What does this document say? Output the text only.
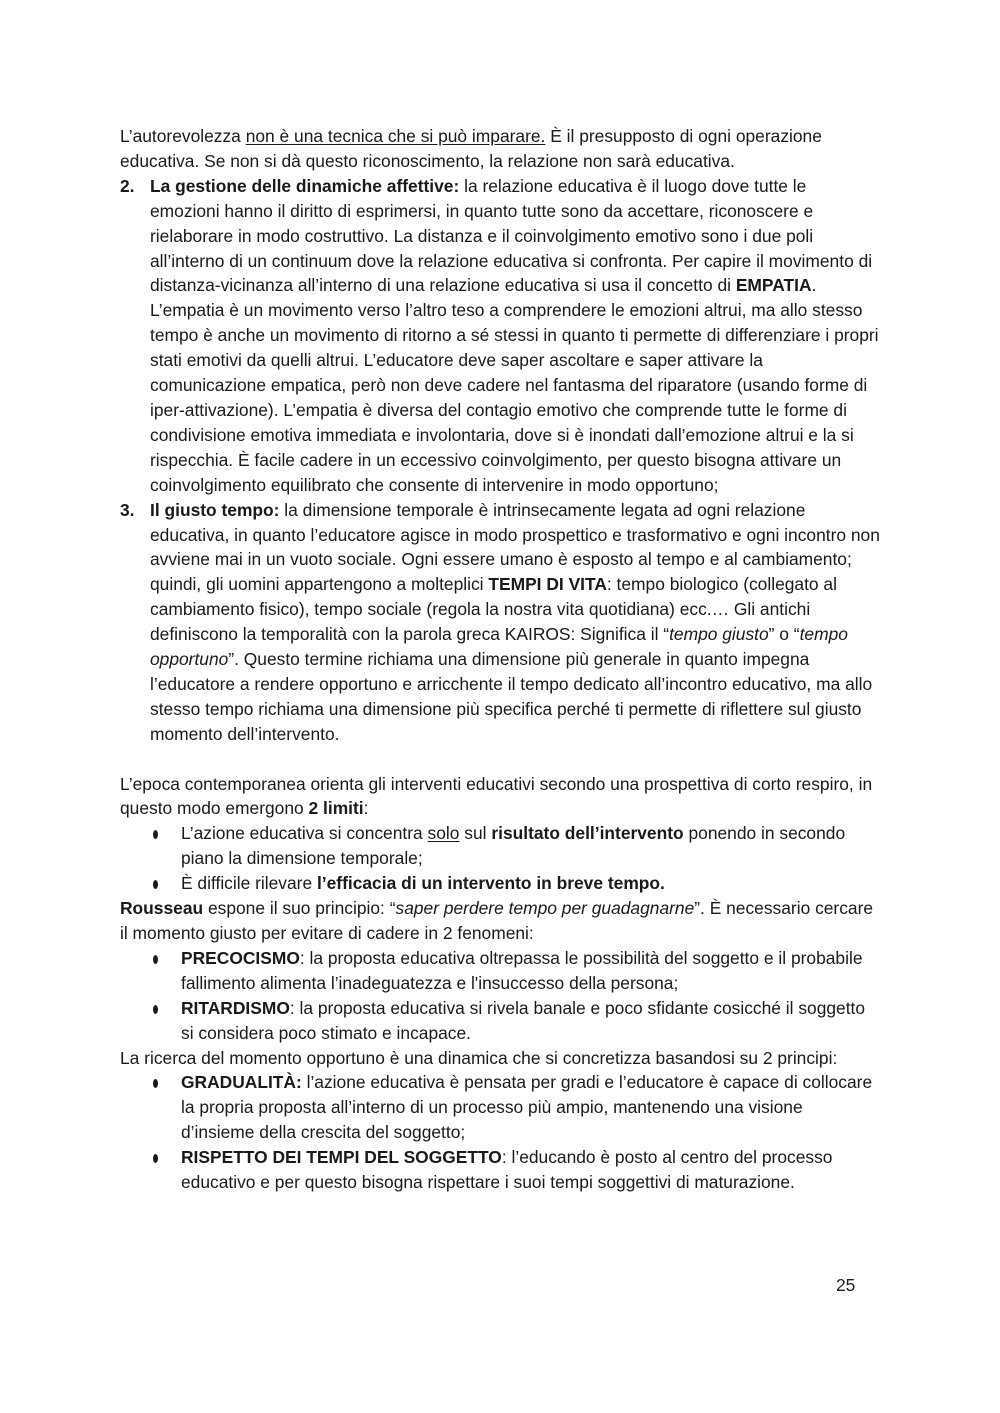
L’autorevolezza non è una tecnica che si può imparare. È il presupposto di ogni operazione educativa. Se non si dà questo riconoscimento, la relazione non sarà educativa.

2. La gestione delle dinamiche affettive: la relazione educativa è il luogo dove tutte le emozioni hanno il diritto di esprimersi, in quanto tutte sono da accettare, riconoscere e rielaborare in modo costruttivo. La distanza e il coinvolgimento emotivo sono i due poli all’interno di un continuum dove la relazione educativa si confronta. Per capire il movimento di distanza-vicinanza all’interno di una relazione educativa si usa il concetto di EMPATIA. L’empatia è un movimento verso l’altro teso a comprendere le emozioni altrui, ma allo stesso tempo è anche un movimento di ritorno a sé stessi in quanto ti permette di differenziare i propri stati emotivi da quelli altrui. L’educatore deve saper ascoltare e saper attivare la comunicazione empatica, però non deve cadere nel fantasma del riparatore (usando forme di iper-attivazione). L’empatia è diversa del contagio emotivo che comprende tutte le forme di condivisione emotiva immediata e involontaria, dove si è inondati dall’emozione altrui e la si rispecchia. È facile cadere in un eccessivo coinvolgimento, per questo bisogna attivare un coinvolgimento equilibrato che consente di intervenire in modo opportuno;

3. Il giusto tempo: la dimensione temporale è intrinsecamente legata ad ogni relazione educativa, in quanto l’educatore agisce in modo prospettico e trasformativo e ogni incontro non avviene mai in un vuoto sociale. Ogni essere umano è esposto al tempo e al cambiamento; quindi, gli uomini appartengono a molteplici TEMPI DI VITA: tempo biologico (collegato al cambiamento fisico), tempo sociale (regola la nostra vita quotidiana) ecc.… Gli antichi definiscono la temporalità con la parola greca KAIROS: Significa il “tempo giusto” o “tempo opportuno”. Questo termine richiama una dimensione più generale in quanto impegna l’educatore a rendere opportuno e arricchente il tempo dedicato all’incontro educativo, ma allo stesso tempo richiama una dimensione più specifica perché ti permette di riflettere sul giusto momento dell’intervento.

L’epoca contemporanea orienta gli interventi educativi secondo una prospettiva di corto respiro, in questo modo emergono 2 limiti:

L’azione educativa si concentra solo sul risultato dell’intervento ponendo in secondo piano la dimensione temporale;
È difficile rilevare l’efficacia di un intervento in breve tempo.

Rousseau espone il suo principio: “saper perdere tempo per guadagnarne”. È necessario cercare il momento giusto per evitare di cadere in 2 fenomeni:

PRECOCISMO: la proposta educativa oltrepassa le possibilità del soggetto e il probabile fallimento alimenta l’inadeguatezza e l'insuccesso della persona;
RITARDISMO: la proposta educativa si rivela banale e poco sfidante cosicché il soggetto si considera poco stimato e incapace.

La ricerca del momento opportuno è una dinamica che si concretizza basandosi su 2 principi:

GRADUALITÀ: l’azione educativa è pensata per gradi e l’educatore è capace di collocare la propria proposta all’interno di un processo più ampio, mantenendo una visione d’insieme della crescita del soggetto;
RISPETTO DEI TEMPI DEL SOGGETTO: l’educando è posto al centro del processo educativo e per questo bisogna rispettare i suoi tempi soggettivi di maturazione.
25
